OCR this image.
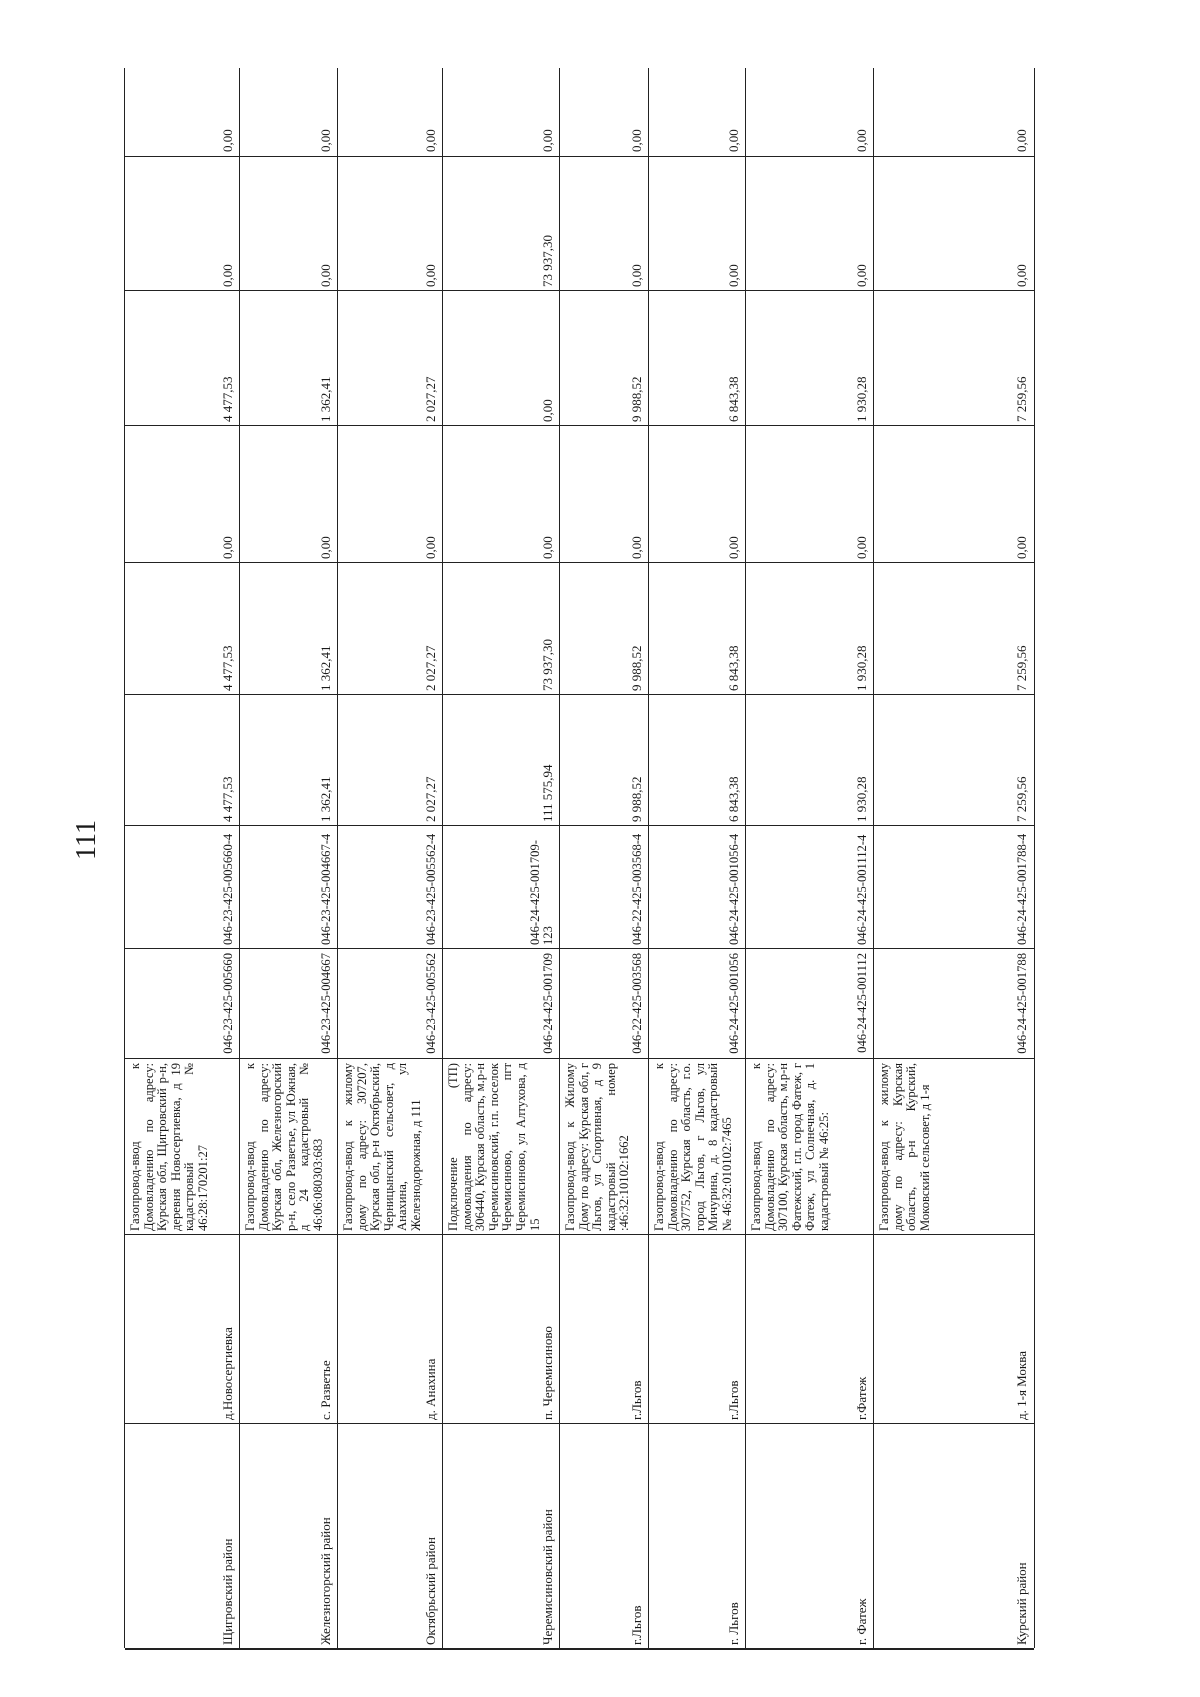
111
0,00
0,00
4 477,53
0,00
4 477,53
4 477,53
046-23-425-005660-4
046-23-425-005660
Газопровод-ввод к Домовладению по адресу: Курская обл, Щигровский р-н, деревня Новосергиевка, д 19 кадастровый № 46:28:170201:27
д.Новосергиевка
Щигровский район
0,00
0,00
1 362,41
0,00
1 362,41
1 362,41
046-23-425-004667-4
046-23-425-004667
Газопровод-ввод к Домовладению по адресу: Курская обл, Железногорский р-н, село Разветье, ул Южная, д 24 кадастровый № 46:06:080303:683
с. Разветье
Железногорский район
0,00
0,00
2 027,27
0,00
2 027,27
2 027,27
046-23-425-005562-4
046-23-425-005562
Газопровод-ввод к жилому дому по адресу: 307207, Курская обл, р-н Октябрьский, Черницынский сельсовет, д Анахина, ул Железнодорожная, д 111
д. Анахина
Октябрьский район
0,00
73 937,30
0,00
0,00
73 937,30
111 575,94
046-24-425-001709-123
046-24-425-001709
Подключение (ТП) домовладения по адресу: 306440, Курская область, м.р-н Черемисиновский, г.п. поселок Черемисиново, пгт Черемисиново, ул Алтухова, д 15
п. Черемисиново
Черемисиновский район
0,00
0,00
9 988,52
0,00
9 988,52
9 988,52
046-22-425-003568-4
046-22-425-003568
Газопровод-ввод к Жилому Дому по адресу: Курская обл, г Льгов, ул Спортивная, д 9 кадастровый номер :46:32:10102:1662
г.Льгов
г.Льгов
0,00
0,00
6 843,38
0,00
6 843,38
6 843,38
046-24-425-001056-4
046-24-425-001056
Газопровод-ввод к Домовладению по адресу: 307752, Курская область, г.о. город Льгов, г Льгов, ул Мичурина, д. 8 кадастровый № 46:32:010102:7465
г.Льгов
г. Льгов
0,00
0,00
1 930,28
0,00
1 930,28
1 930,28
046-24-425-001112-4
046-24-425-001112
Газопровод-ввод к Домовладению по адресу: 307100, Курская область, м.р-н Фатежский, г.п. город Фатеж, г Фатеж, ул Солнечная, д. 1 кадастровый № 46:25:
г.Фатеж
г. Фатеж
0,00
0,00
7 259,56
0,00
7 259,56
7 259,56
046-24-425-001788-4
046-24-425-001788
Газопровод-ввод к жилому дому по адресу: Курская область, р-н Курский, Моковский сельсовет, д 1-я
д. 1-я Моква
Курский район
